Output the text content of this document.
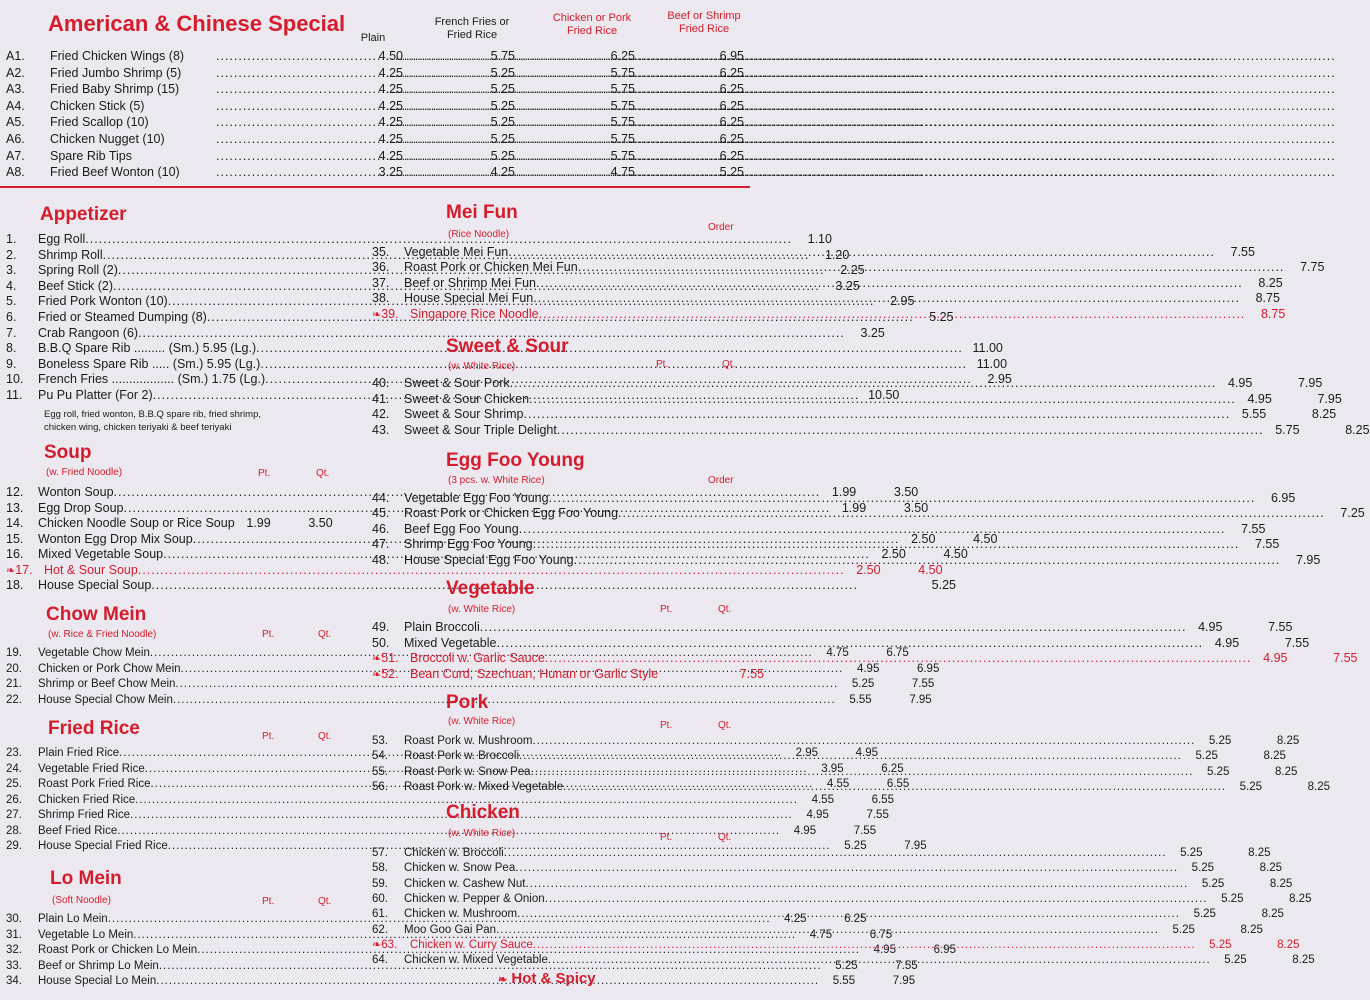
American & Chinese Special
Plain
French Fries or Fried Rice
Chicken or Pork Fried Rice
Beef or Shrimp Fried Rice
A1.	Fried Chicken Wings (8) .....	4.50 .....	5.75 .....	6.25 .....	6.95
A2.	Fried Jumbo Shrimp (5) .....	4.25 .....	5.25 .....	5.75 .....	6.25
A3.	Fried Baby Shrimp (15) .....	4.25 .....	5.25 .....	5.75 .....	6.25
A4.	Chicken Stick (5) .....	4.25 .....	5.25 .....	5.75 .....	6.25
A5.	Fried Scallop (10) .....	4.25 .....	5.25 .....	5.75 .....	6.25
A6.	Chicken Nugget (10) .....	4.25 .....	5.25 .....	5.75 .....	6.25
A7.	Spare Rib Tips .....	4.25 .....	5.25 .....	5.75 .....	6.25
A8.	Fried Beef Wonton (10) .....	3.25 .....	4.25 .....	4.75 .....	5.25
Appetizer
1.	Egg Roll .....	1.10
2.	Shrimp Roll .....	1.20
3.	Spring Roll (2) .....	2.25
4.	Beef Stick (2) .....	3.25
5.	Fried Pork Wonton (10) .....	2.95
6.	Fried or Steamed Dumping (8) .....	5.25
7.	Crab Rangoon (6) .....	3.25
8.	B.B.Q Spare Rib ......... (Sm.) 5.95 (Lg.) .....	11.00
9.	Boneless Spare Rib ..... (Sm.) 5.95 (Lg.) .....	11.00
10.	French Fries .................. (Sm.) 1.75 (Lg.) .....	2.95
11.	Pu Pu Platter (For 2) .....	10.50
Egg roll, fried wonton, B.B.Q spare rib, fried shrimp, chicken wing, chicken teriyaki & beef teriyaki
Soup
(w. Fried Noodle)	Pt.	Qt.
12.	Wonton Soup .....	1.99	3.50
13.	Egg Drop Soup .....	1.99	3.50
14.	Chicken Noodle Soup or Rice Soup 1.99	3.50
15.	Wonton Egg Drop Mix Soup .....	2.50	4.50
16.	Mixed Vegetable Soup .....	2.50	4.50
❧ 17. Hot & Sour Soup .....	2.50	4.50
18.	House Special Soup .....	5.25
Chow Mein
(w. Rice & Fried Noodle)	Pt.	Qt.
19.	Vegetable Chow Mein .....	4.75	6.75
20.	Chicken or Pork Chow Mein .....	4.95	6.95
21.	Shrimp or Beef Chow Mein .....	5.25	7.55
22.	House Special Chow Mein .....	5.55	7.95
Fried Rice	Pt.	Qt.
23.	Plain Fried Rice .....	2.95	4.95
24.	Vegetable Fried Rice .....	3.95	6.25
25.	Roast Pork Fried Rice .....	4.55	6.55
26.	Chicken Fried Rice .....	4.55	6.55
27.	Shrimp Fried Rice .....	4.95	7.55
28.	Beef Fried Rice .....	4.95	7.55
29.	House Special Fried Rice .....	5.25	7.95
Lo Mein
(Soft Noodle)	Pt.	Qt.
30.	Plain Lo Mein .....	4.25	6.25
31.	Vegetable Lo Mein .....	4.75	6.75
32.	Roast Pork or Chicken Lo Mein .....	4.95	6.95
33.	Beef or Shrimp Lo Mein .....	5.25	7.55
34.	House Special Lo Mein .....	5.55	7.95
Mei Fun
(Rice Noodle)
Order
35.	Vegetable Mei Fun .....	7.55
36.	Roast Pork or Chicken Mei Fun .....	7.75
37.	Beef or Shrimp Mei Fun .....	8.25
38.	House Special Mei Fun .....	8.75
❧ 39. Singapore Rice Noodle .....	8.75
Sweet & Sour
(w. White Rice)	Pt.	Qt.
40.	Sweet & Sour Pork .....	4.95	7.95
41.	Sweet & Sour Chicken .....	4.95	7.95
42.	Sweet & Sour Shrimp .....	5.55	8.25
43.	Sweet & Sour Triple Delight .....	5.75	8.25
Egg Foo Young
(3 pcs. w. White Rice)	Order
44.	Vegetable Egg Foo Young .....	6.95
45.	Roast Pork or Chicken Egg Foo Young .....	7.25
46.	Beef Egg Foo Young .....	7.55
47.	Shrimp Egg Foo Young .....	7.55
48.	House Special Egg Foo Young .....	7.95
Vegetable
(w. White Rice)	Pt.	Qt.
49.	Plain Broccoli .....	4.95	7.55
50.	Mixed Vegetable .....	4.95	7.55
❧ 51. Broccoli w. Garlic Sauce .....	4.95	7.55
❧ 52. Bean Curd, Szechuan, Hunan or Garlic Style	7.55
Pork
(w. White Rice)	Pt.	Qt.
53.	Roast Pork w. Mushroom .....	5.25	8.25
54.	Roast Pork w. Broccoli .....	5.25	8.25
55.	Roast Pork w. Snow Pea .....	5.25	8.25
56.	Roast Pork w. Mixed Vegetable .....	5.25	8.25
Chicken
(w. White Rice)	Pt.	Qt.
57.	Chicken w. Broccoli .....	5.25	8.25
58.	Chicken w. Snow Pea .....	5.25	8.25
59.	Chicken w. Cashew Nut .....	5.25	8.25
60.	Chicken w. Pepper & Onion .....	5.25	8.25
61.	Chicken w. Mushroom .....	5.25	8.25
62.	Moo Goo Gai Pan .....	5.25	8.25
❧ 63.	Chicken w. Curry Sauce .....	5.25	8.25
64.	Chicken w. Mixed Vegetable .....	5.25	8.25
❧ Hot & Spicy
